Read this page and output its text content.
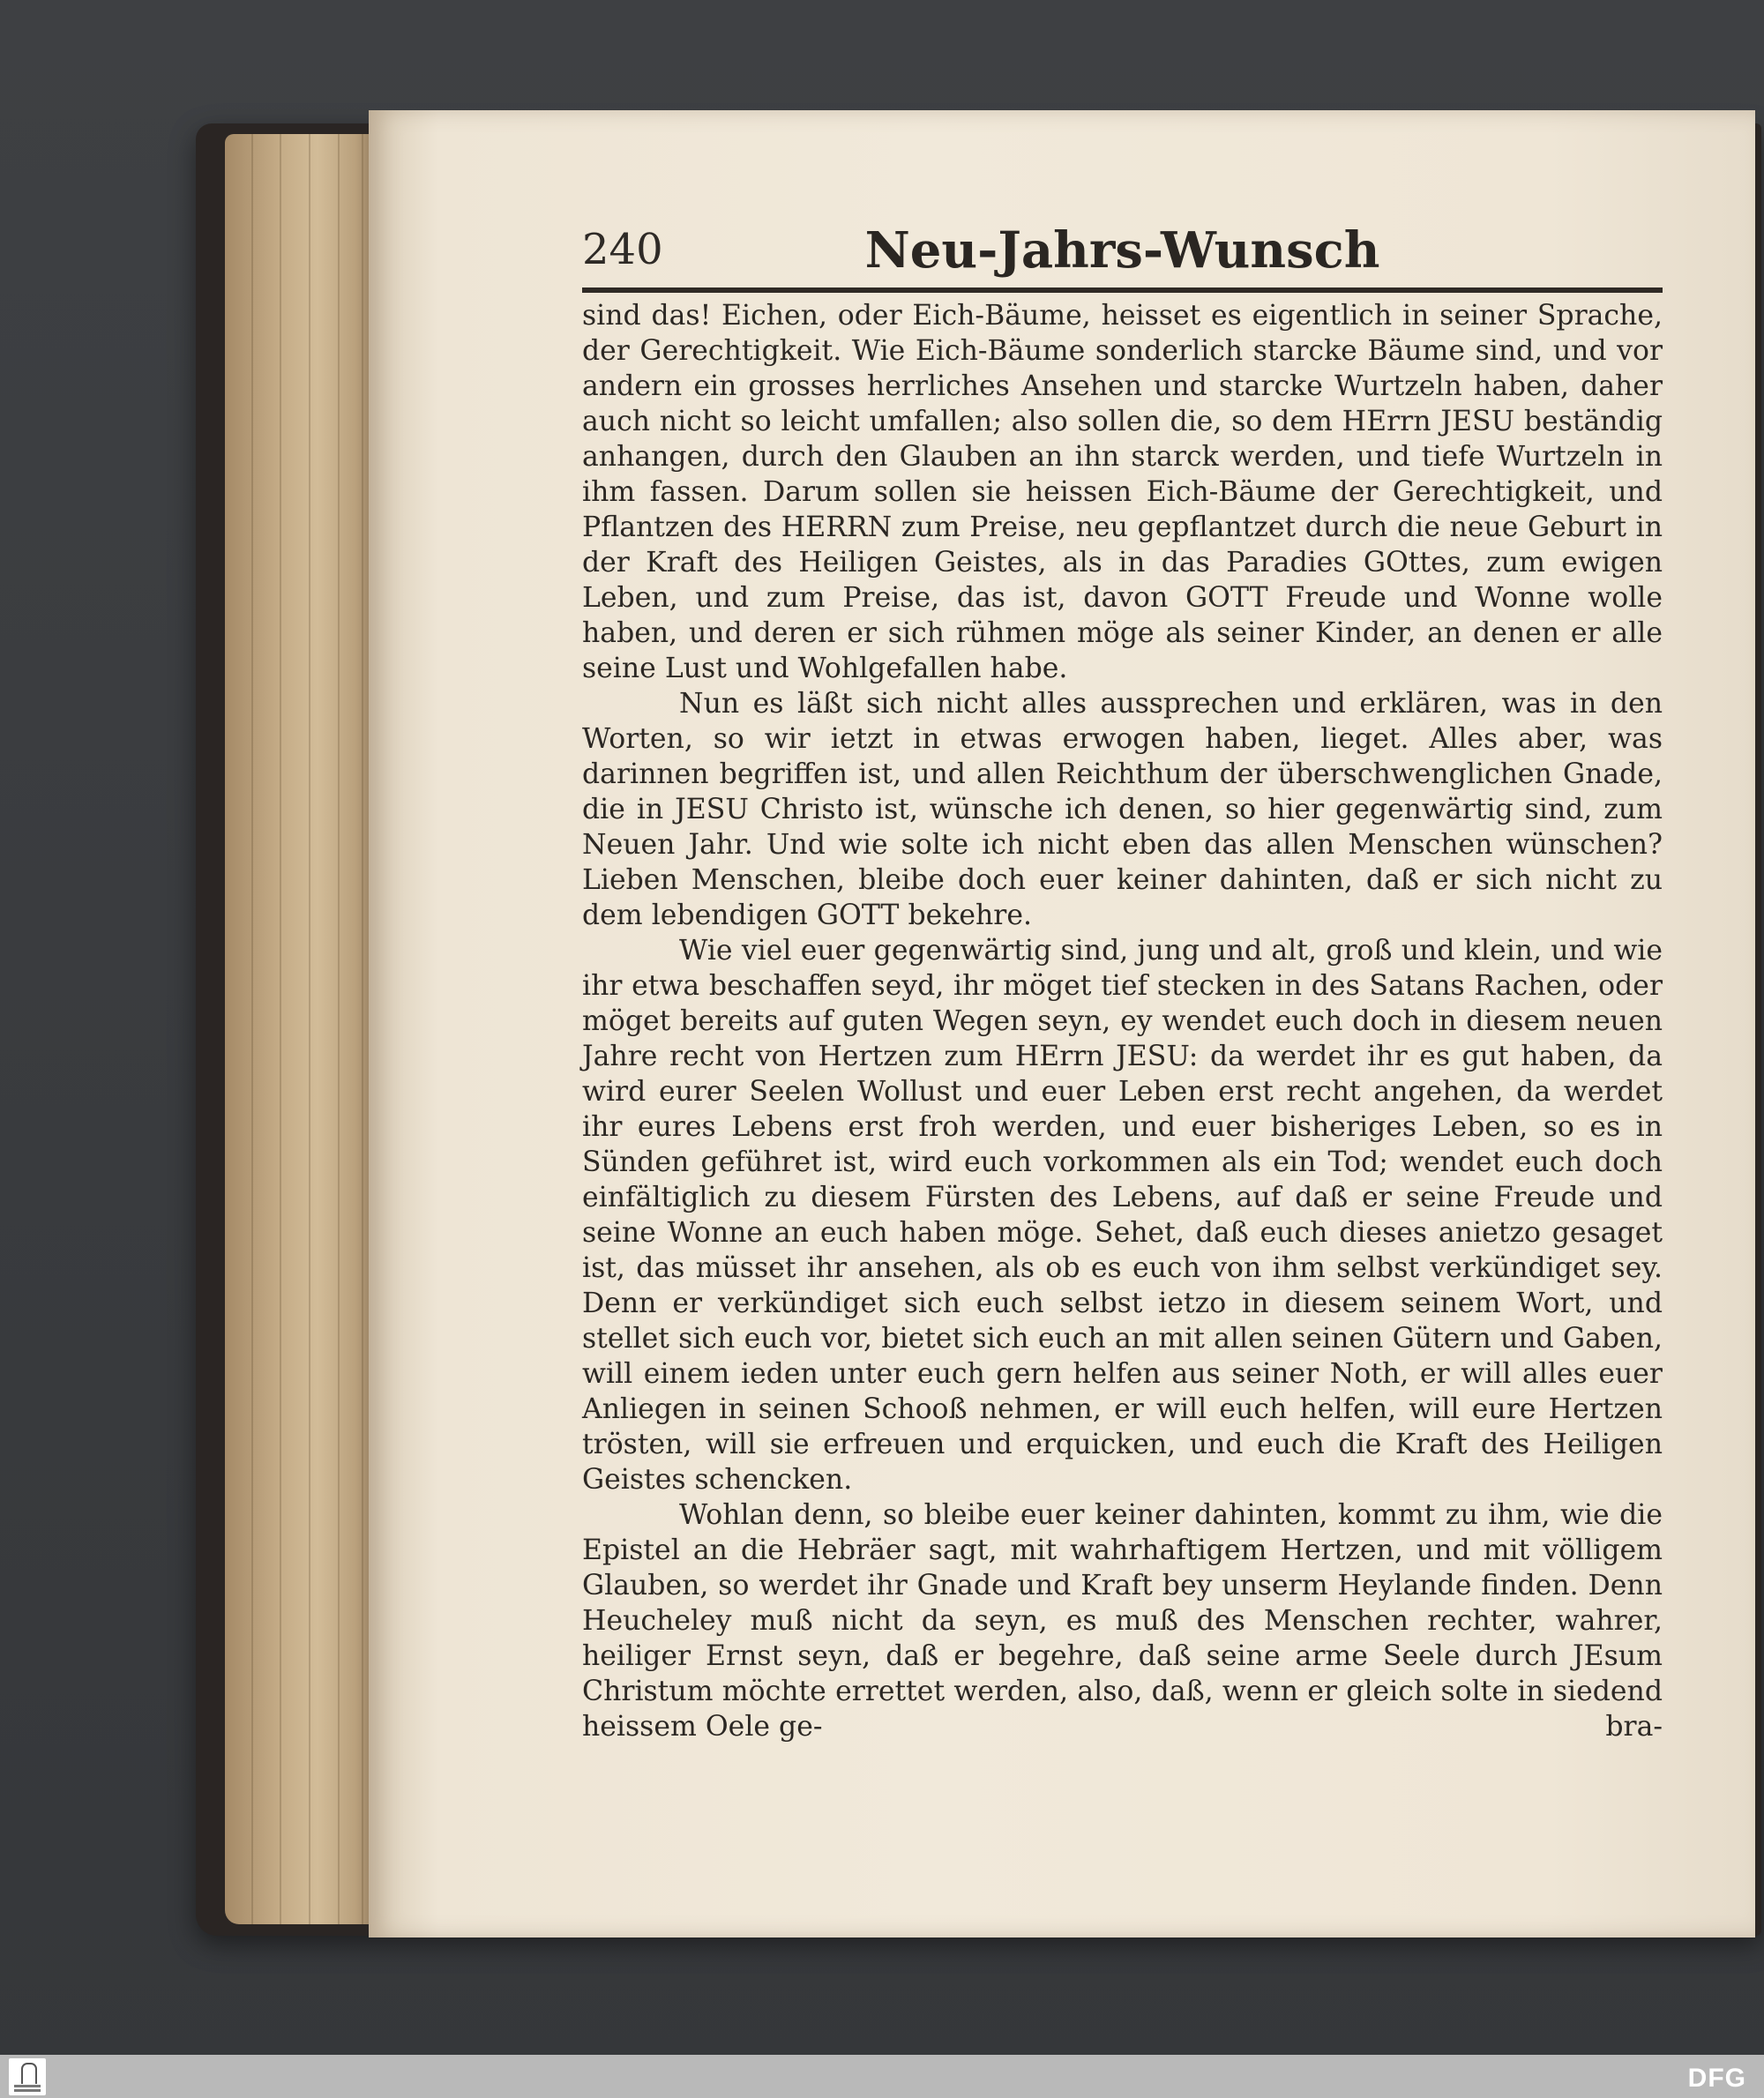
240	Neu-Jahrs-Wunsch

sind das! Eichen, oder Eich-Bäume, heisset es eigentlich in seiner Sprache, der Gerechtigkeit. Wie Eich-Bäume sonderlich starcke Bäume sind, und vor andern ein grosses herrliches Ansehen und starcke Wurtzeln haben, daher auch nicht so leicht umfallen; also sollen die, so dem HErrn JESU beständig anhangen, durch den Glauben an ihn starck werden, und tiefe Wurtzeln in ihm fassen. Darum sollen sie heissen Eich-Bäume der Gerechtigkeit, und Pflantzen des HERRN zum Preise, neu gepflantzet durch die neue Geburt in der Kraft des Heiligen Geistes, als in das Paradies GOttes, zum ewigen Leben, und zum Preise, das ist, davon GOTT Freude und Wonne wolle haben, und deren er sich rühmen möge als seiner Kinder, an denen er alle seine Lust und Wohlgefallen habe.

Nun es läßt sich nicht alles aussprechen und erklären, was in den Worten, so wir ietzt in etwas erwogen haben, lieget. Alles aber, was darinnen begriffen ist, und allen Reichthum der überschwenglichen Gnade, die in JESU Christo ist, wünsche ich denen, so hier gegenwärtig sind, zum Neuen Jahr. Und wie solte ich nicht eben das allen Menschen wünschen? Lieben Menschen, bleibe doch euer keiner dahinten, daß er sich nicht zu dem lebendigen GOTT bekehre.

Wie viel euer gegenwärtig sind, jung und alt, groß und klein, und wie ihr etwa beschaffen seyd, ihr möget tief stecken in des Satans Rachen, oder möget bereits auf guten Wegen seyn, ey wendet euch doch in diesem neuen Jahre recht von Hertzen zum HErrn JESU: da werdet ihr es gut haben, da wird eurer Seelen Wollust und euer Leben erst recht angehen, da werdet ihr eures Lebens erst froh werden, und euer bisheriges Leben, so es in Sünden geführet ist, wird euch vorkommen als ein Tod; wendet euch doch einfältiglich zu diesem Fürsten des Lebens, auf daß er seine Freude und seine Wonne an euch haben möge. Sehet, daß euch dieses anietzo gesaget ist, das müsset ihr ansehen, als ob es euch von ihm selbst verkündiget sey. Denn er verkündiget sich euch selbst ietzo in diesem seinem Wort, und stellet sich euch vor, bietet sich euch an mit allen seinen Gütern und Gaben, will einem ieden unter euch gern helfen aus seiner Noth, er will alles euer Anliegen in seinen Schooß nehmen, er will euch helfen, will eure Hertzen trösten, will sie erfreuen und erquicken, und euch die Kraft des Heiligen Geistes schencken.

Wohlan denn, so bleibe euer keiner dahinten, kommt zu ihm, wie die Epistel an die Hebräer sagt, mit wahrhaftigem Hertzen, und mit völligem Glauben, so werdet ihr Gnade und Kraft bey unserm Heylande finden. Denn Heucheley muß nicht da seyn, es muß des Menschen rechter, wahrer, heiliger Ernst seyn, daß er begehre, daß seine arme Seele durch JEsum Christum möchte errettet werden, also, daß, wenn er gleich solte in siedend heissem Oele ge-	bra-
DFG
